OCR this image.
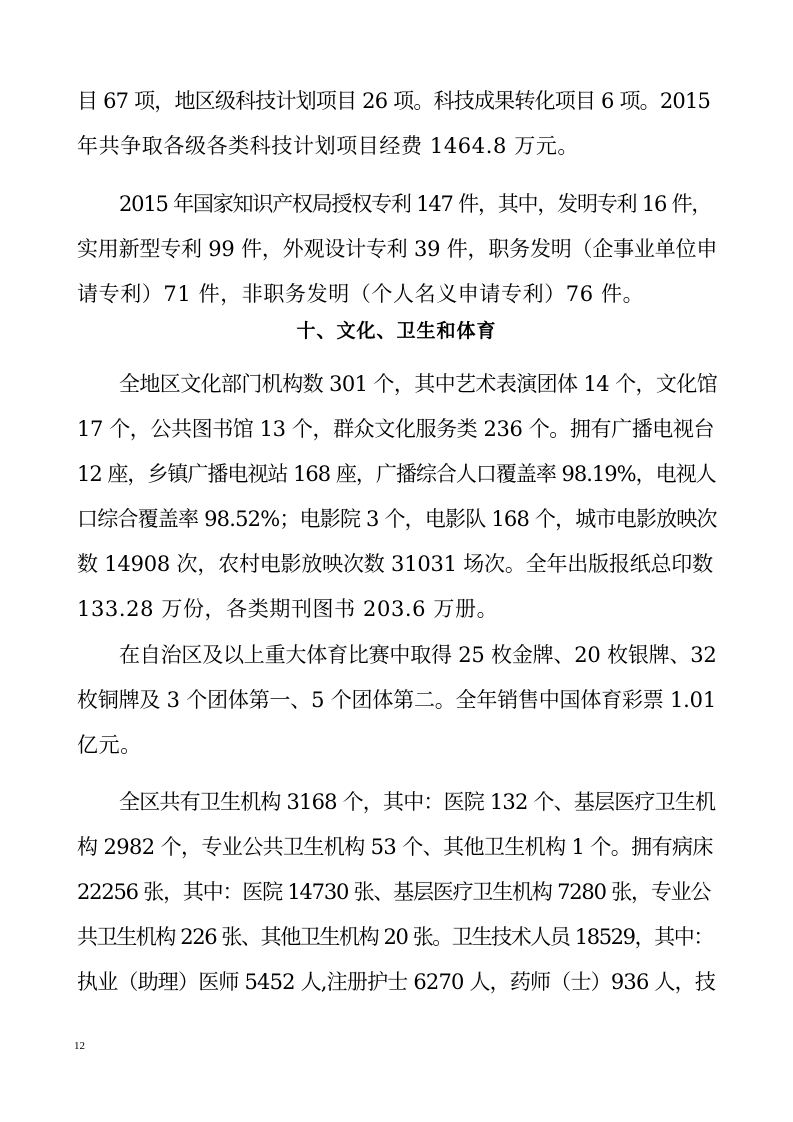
目 67 项，地区级科技计划项目 26 项。科技成果转化项目 6 项。2015
年共争取各级各类科技计划项目经费 1464.8 万元。

2015 年国家知识产权局授权专利 147 件，其中，发明专利 16 件，
实用新型专利 99 件，外观设计专利 39 件，职务发明（企事业单位申
请专利）71 件，非职务发明（个人名义申请专利）76 件。

十、文化、卫生和体育

全地区文化部门机构数 301 个，其中艺术表演团体 14 个，文化馆
17 个，公共图书馆 13 个，群众文化服务类 236 个。拥有广播电视台
12 座，乡镇广播电视站 168 座，广播综合人口覆盖率 98.19%，电视人
口综合覆盖率 98.52%；电影院 3 个，电影队 168 个，城市电影放映次
数 14908 次，农村电影放映次数 31031 场次。全年出版报纸总印数
133.28 万份，各类期刊图书 203.6 万册。

在自治区及以上重大体育比赛中取得 25 枚金牌、20 枚银牌、32
枚铜牌及 3 个团体第一、5 个团体第二。全年销售中国体育彩票 1.01
亿元。

全区共有卫生机构 3168 个，其中：医院 132 个、基层医疗卫生机
构 2982 个，专业公共卫生机构 53 个、其他卫生机构 1 个。拥有病床
22256 张，其中：医院 14730 张、基层医疗卫生机构 7280 张，专业公
共卫生机构 226 张、其他卫生机构 20 张。卫生技术人员 18529，其中：
执业（助理）医师 5452 人,注册护士 6270 人，药师（士）936 人，技

12
